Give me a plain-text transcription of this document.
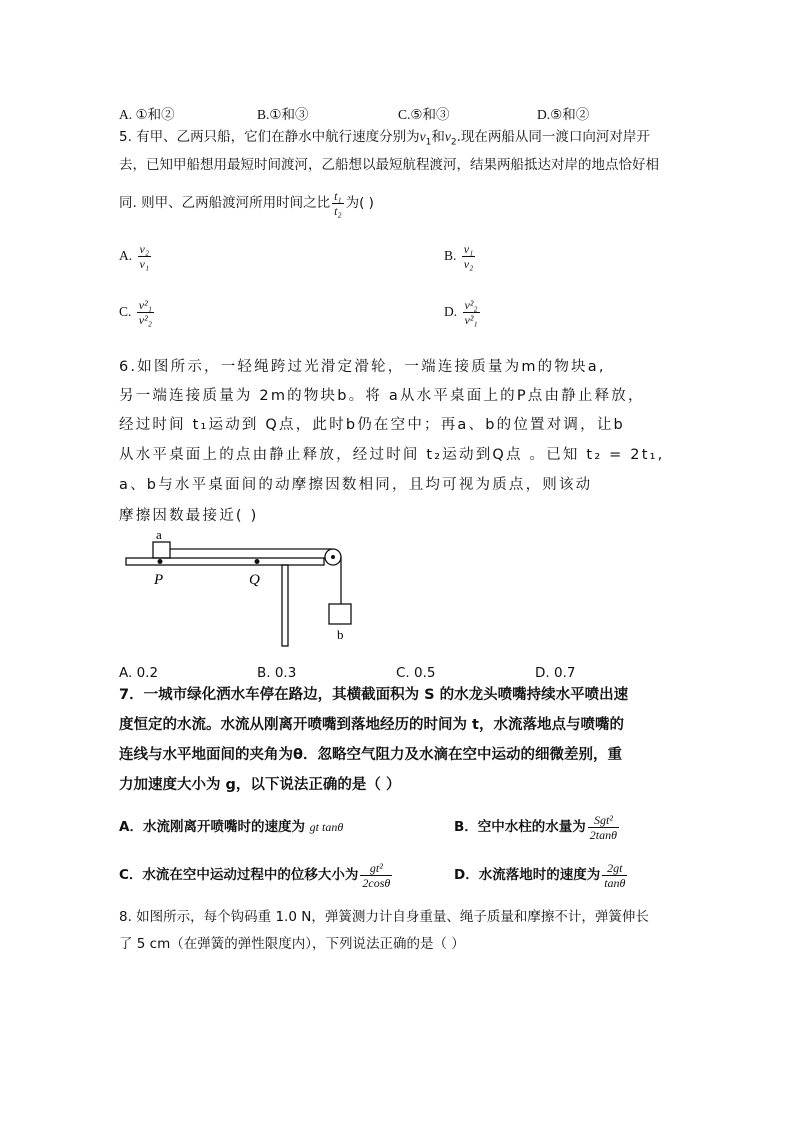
A. ①和②	B.①和③	C.⑤和③	D.⑤和②
5. 有甲、乙两只船，它们在静水中航行速度分别为$v_1$和$v_2$.现在两船从同一渡口向河对岸开
去，已知甲船想用最短时间渡河，乙船想以最短航程渡河，结果两船抵达对岸的地点恰好相
同. 则甲、乙两船渡河所用时间之比 $\frac{\text{t₁}}{\text{t₂}}$ 为( )
A. $\frac{\text{v₂}}{\text{v₁}}$	B. $\frac{\text{v₁}}{\text{v₂}}$
C. $\frac{\text{v²₁}}{\text{v²₂}}$	D. $\frac{\text{v²₂}}{\text{v²₁}}$
6.如图所示，一轻绳跨过光滑定滑轮，一端连接质量为m的物块a,
另一端连接质量为 2m的物块b。将 a从水平桌面上的P点由静止释放，
经过时间 t₁运动到 Q点，此时b仍在空中；再a、b的位置对调，让b
从水平桌面上的点由静止释放，经过时间 t₂运动到Q点 。已知 t₂ = 2t₁,
a、b与水平桌面间的动摩擦因数相同，且均可视为质点，则该动
摩擦因数最接近( )
a
P	Q
b
A. 0.2	B. 0.3	C. 0.5	D. 0.7
7．一城市绿化洒水车停在路边，其横截面积为 S 的水龙头喷嘴持续水平喷出速
度恒定的水流。水流从刚离开喷嘴到落地经历的时间为 t，水流落地点与喷嘴的
连线与水平地面间的夹角为θ．忽略空气阻力及水滴在空中运动的细微差别，重
力加速度大小为 g，以下说法正确的是（ ）
A．水流刚离开喷嘴时的速度为 gt tanθ	B．空中水柱的水量为 $\frac{\text{Sgt²}}{2\tan\theta}$
C．水流在空中运动过程中的位移大小为 $\frac{\text{gt²}}{2\cos\theta}$	D．水流落地时的速度为 $\frac{2gt}{\tan\theta}$
8. 如图所示，每个钩码重 1.0 N，弹簧测力计自身重量、绳子质量和摩擦不计，弹簧伸长
了 5 cm（在弹簧的弹性限度内），下列说法正确的是（ ）
